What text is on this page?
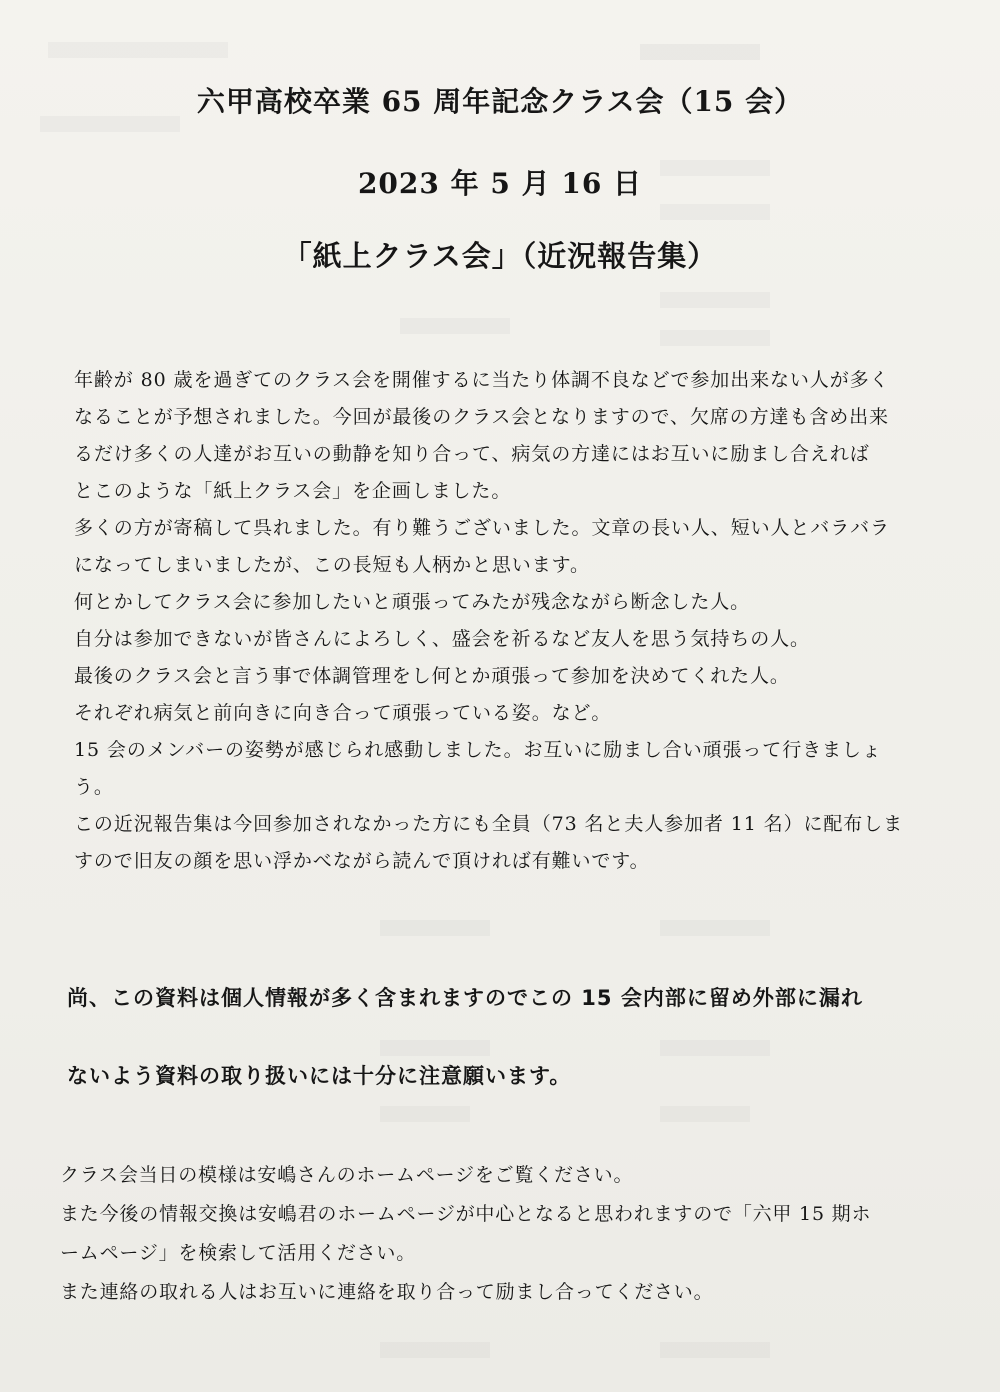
六甲高校卒業 65 周年記念クラス会（15 会）
2023 年 5 月 16 日
「紙上クラス会」（近況報告集）

年齢が 80 歳を過ぎてのクラス会を開催するに当たり体調不良などで参加出来ない人が多く

なることが予想されました。今回が最後のクラス会となりますので、欠席の方達も含め出来

るだけ多くの人達がお互いの動静を知り合って、病気の方達にはお互いに励まし合えれば

とこのような「紙上クラス会」を企画しました。

多くの方が寄稿して呉れました。有り難うございました。文章の長い人、短い人とバラバラ

になってしまいましたが、この長短も人柄かと思います。

何とかしてクラス会に参加したいと頑張ってみたが残念ながら断念した人。

自分は参加できないが皆さんによろしく、盛会を祈るなど友人を思う気持ちの人。

最後のクラス会と言う事で体調管理をし何とか頑張って参加を決めてくれた人。

それぞれ病気と前向きに向き合って頑張っている姿。など。

15 会のメンバーの姿勢が感じられ感動しました。お互いに励まし合い頑張って行きましょ

う。

この近況報告集は今回参加されなかった方にも全員（73 名と夫人参加者 11 名）に配布しま

すので旧友の顔を思い浮かべながら読んで頂ければ有難いです。

尚、この資料は個人情報が多く含まれますのでこの 15 会内部に留め外部に漏れ

ないよう資料の取り扱いには十分に注意願います。

クラス会当日の模様は安嶋さんのホームページをご覧ください。

また今後の情報交換は安嶋君のホームページが中心となると思われますので「六甲 15 期ホ

ームページ」を検索して活用ください。

また連絡の取れる人はお互いに連絡を取り合って励まし合ってください。
